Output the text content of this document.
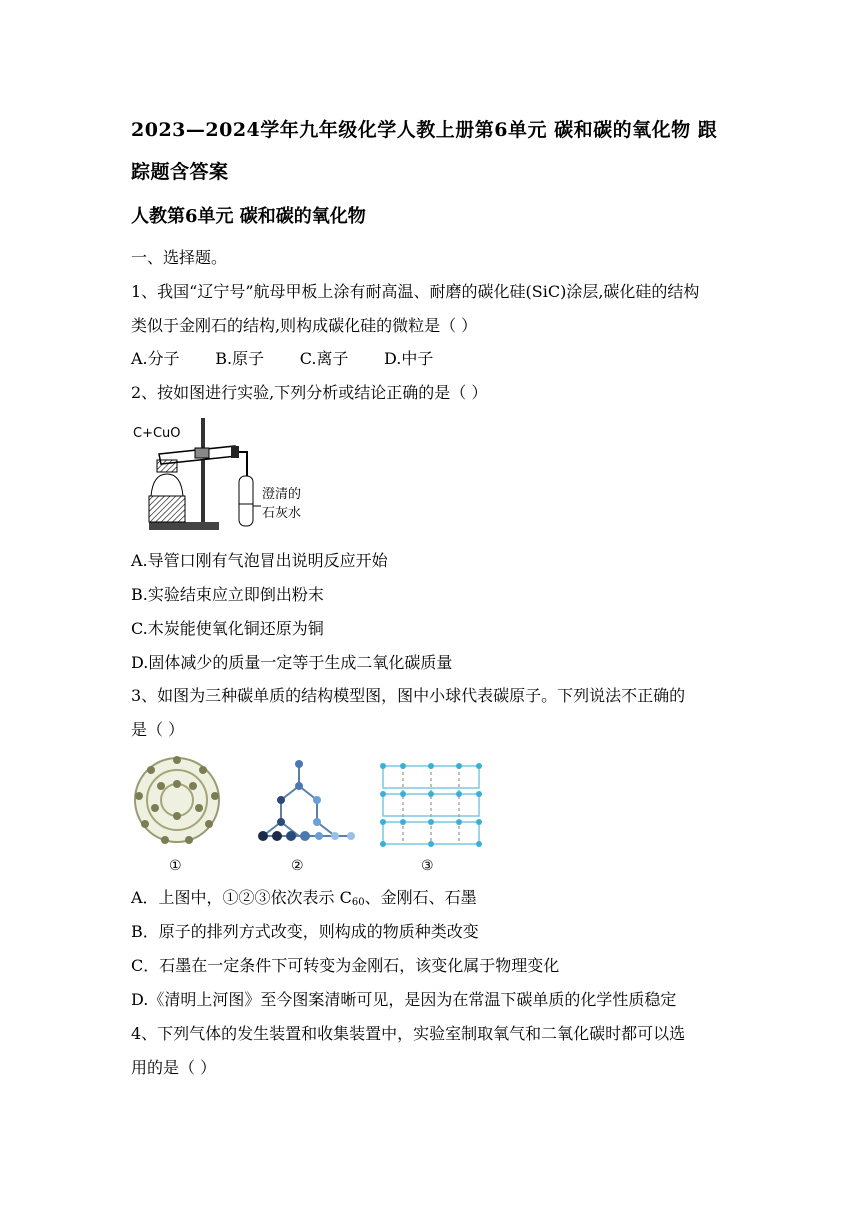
2023—2024学年九年级化学人教上册第6单元 碳和碳的氧化物 跟
踪题含答案
人教第6单元 碳和碳的氧化物
一、选择题。
1、我国“辽宁号”航母甲板上涂有耐高温、耐磨的碳化硅(SiC)涂层,碳化硅的结构
类似于金刚石的结构,则构成碳化硅的微粒是（ ）
A.分子       B.原子       C.离子       D.中子
2、按如图进行实验,下列分析或结论正确的是（ ）
C+CuO
澄清的
石灰水
A.导管口刚有气泡冒出说明反应开始
B.实验结束应立即倒出粉末
C.木炭能使氧化铜还原为铜
D.固体减少的质量一定等于生成二氧化碳质量
3、如图为三种碳单质的结构模型图，图中小球代表碳原子。下列说法不正确的
是（ ）
①	②	③
A．上图中，①②③依次表示 $C_{60}$、金刚石、石墨
B．原子的排列方式改变，则构成的物质种类改变
C．石墨在一定条件下可转变为金刚石，该变化属于物理变化
D.《清明上河图》至今图案清晰可见，是因为在常温下碳单质的化学性质稳定
4、下列气体的发生装置和收集装置中，实验室制取氧气和二氧化碳时都可以选
用的是（ ）
